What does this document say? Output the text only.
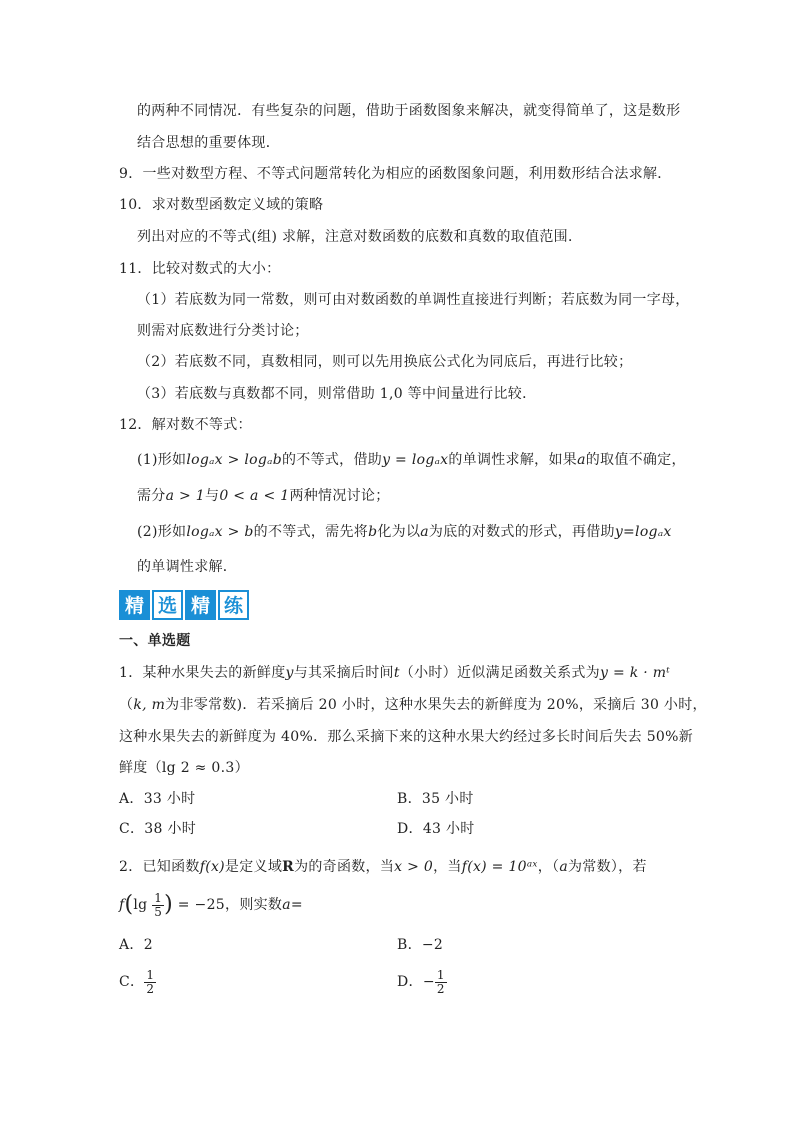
的两种不同情况．有些复杂的问题，借助于函数图象来解决，就变得简单了，这是数形
结合思想的重要体现．
9．一些对数型方程、不等式问题常转化为相应的函数图象问题，利用数形结合法求解．
10．求对数型函数定义域的策略
列出对应的不等式(组) 求解，注意对数函数的底数和真数的取值范围．
11．比较对数式的大小：
（1）若底数为同一常数，则可由对数函数的单调性直接进行判断；若底数为同一字母，
则需对底数进行分类讨论；
（2）若底数不同，真数相同，则可以先用换底公式化为同底后，再进行比较；
（3）若底数与真数都不同，则常借助 1,0 等中间量进行比较．
12．解对数不等式：
(1)形如logₐx > logₐb的不等式，借助y = logₐx的单调性求解，如果a的取值不确定，
需分a > 1与0 < a < 1两种情况讨论；
(2)形如logₐx > b的不等式，需先将b化为以a为底的对数式的形式，再借助y=logₐx
的单调性求解．
精 选 精 练
一、单选题
1．某种水果失去的新鲜度y与其采摘后时间t（小时）近似满足函数关系式为y = k · mᵗ
（k, m为非零常数)．若采摘后 20 小时，这种水果失去的新鲜度为 20%，采摘后 30 小时，
这种水果失去的新鲜度为 40%．那么采摘下来的这种水果大约经过多长时间后失去 50%新
鲜度（lg 2 ≈ 0.3）
A．33 小时	B．35 小时
C．38 小时	D．43 小时
2．已知函数f(x)是定义域R为的奇函数，当x > 0，当f(x) = 10ᵃˣ，（a为常数），若
$f(\lg \frac{1}{5}$ ) = −25，则实数a=
A．2	B．−2
C． $\frac{1}{2}$	D．− $\frac{1}{2}$
